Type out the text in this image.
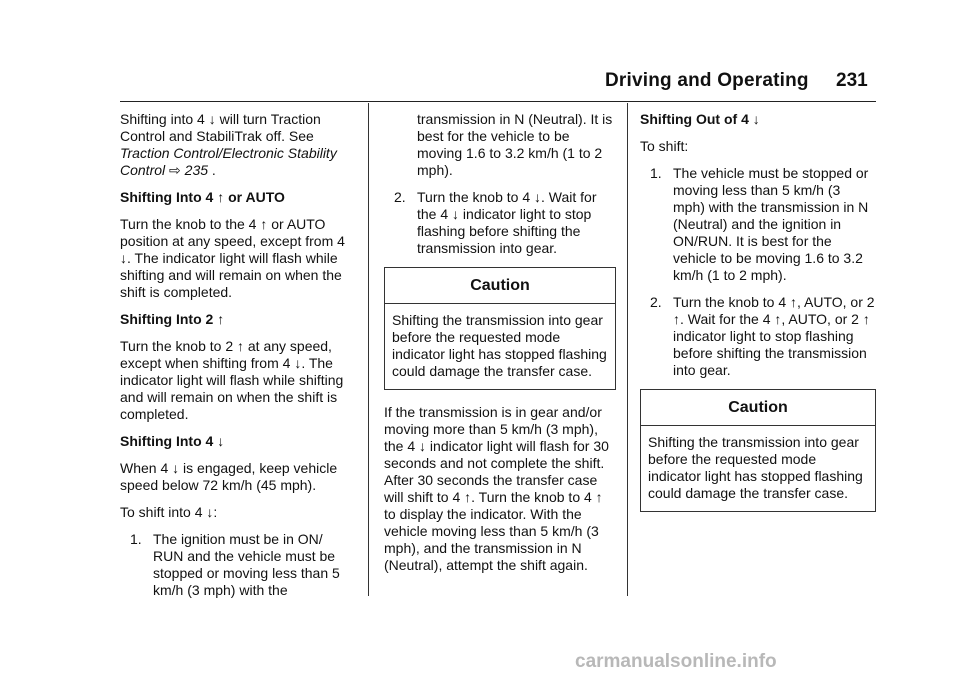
Driving and Operating 231

Shifting into 4 ↓ will turn Traction Control and StabiliTrak off. See Traction Control/Electronic Stability Control ⇨ 235 .

Shifting Into 4 ↑ or AUTO

Turn the knob to the 4 ↑ or AUTO position at any speed, except from 4 ↓. The indicator light will flash while shifting and will remain on when the shift is completed.

Shifting Into 2 ↑

Turn the knob to 2 ↑ at any speed, except when shifting from 4 ↓. The indicator light will flash while shifting and will remain on when the shift is completed.

Shifting Into 4 ↓

When 4 ↓ is engaged, keep vehicle speed below 72 km/h (45 mph).

To shift into 4 ↓:

1. The ignition must be in ON/ RUN and the vehicle must be stopped or moving less than 5 km/h (3 mph) with the
transmission in N (Neutral). It is best for the vehicle to be moving 1.6 to 3.2 km/h (1 to 2 mph).
2. Turn the knob to 4 ↓. Wait for the 4 ↓ indicator light to stop flashing before shifting the transmission into gear.
Caution
Shifting the transmission into gear before the requested mode indicator light has stopped flashing could damage the transfer case.

If the transmission is in gear and/or moving more than 5 km/h (3 mph), the 4 ↓ indicator light will flash for 30 seconds and not complete the shift. After 30 seconds the transfer case will shift to 4 ↑. Turn the knob to 4 ↑ to display the indicator. With the vehicle moving less than 5 km/h (3 mph), and the transmission in N (Neutral), attempt the shift again.

Shifting Out of 4 ↓

To shift:

1. The vehicle must be stopped or moving less than 5 km/h (3 mph) with the transmission in N (Neutral) and the ignition in ON/RUN. It is best for the vehicle to be moving 1.6 to 3.2 km/h (1 to 2 mph).
2. Turn the knob to 4 ↑, AUTO, or 2 ↑. Wait for the 4 ↑, AUTO, or 2 ↑ indicator light to stop flashing before shifting the transmission into gear.
Caution
Shifting the transmission into gear before the requested mode indicator light has stopped flashing could damage the transfer case.
carmanualsonline.info
